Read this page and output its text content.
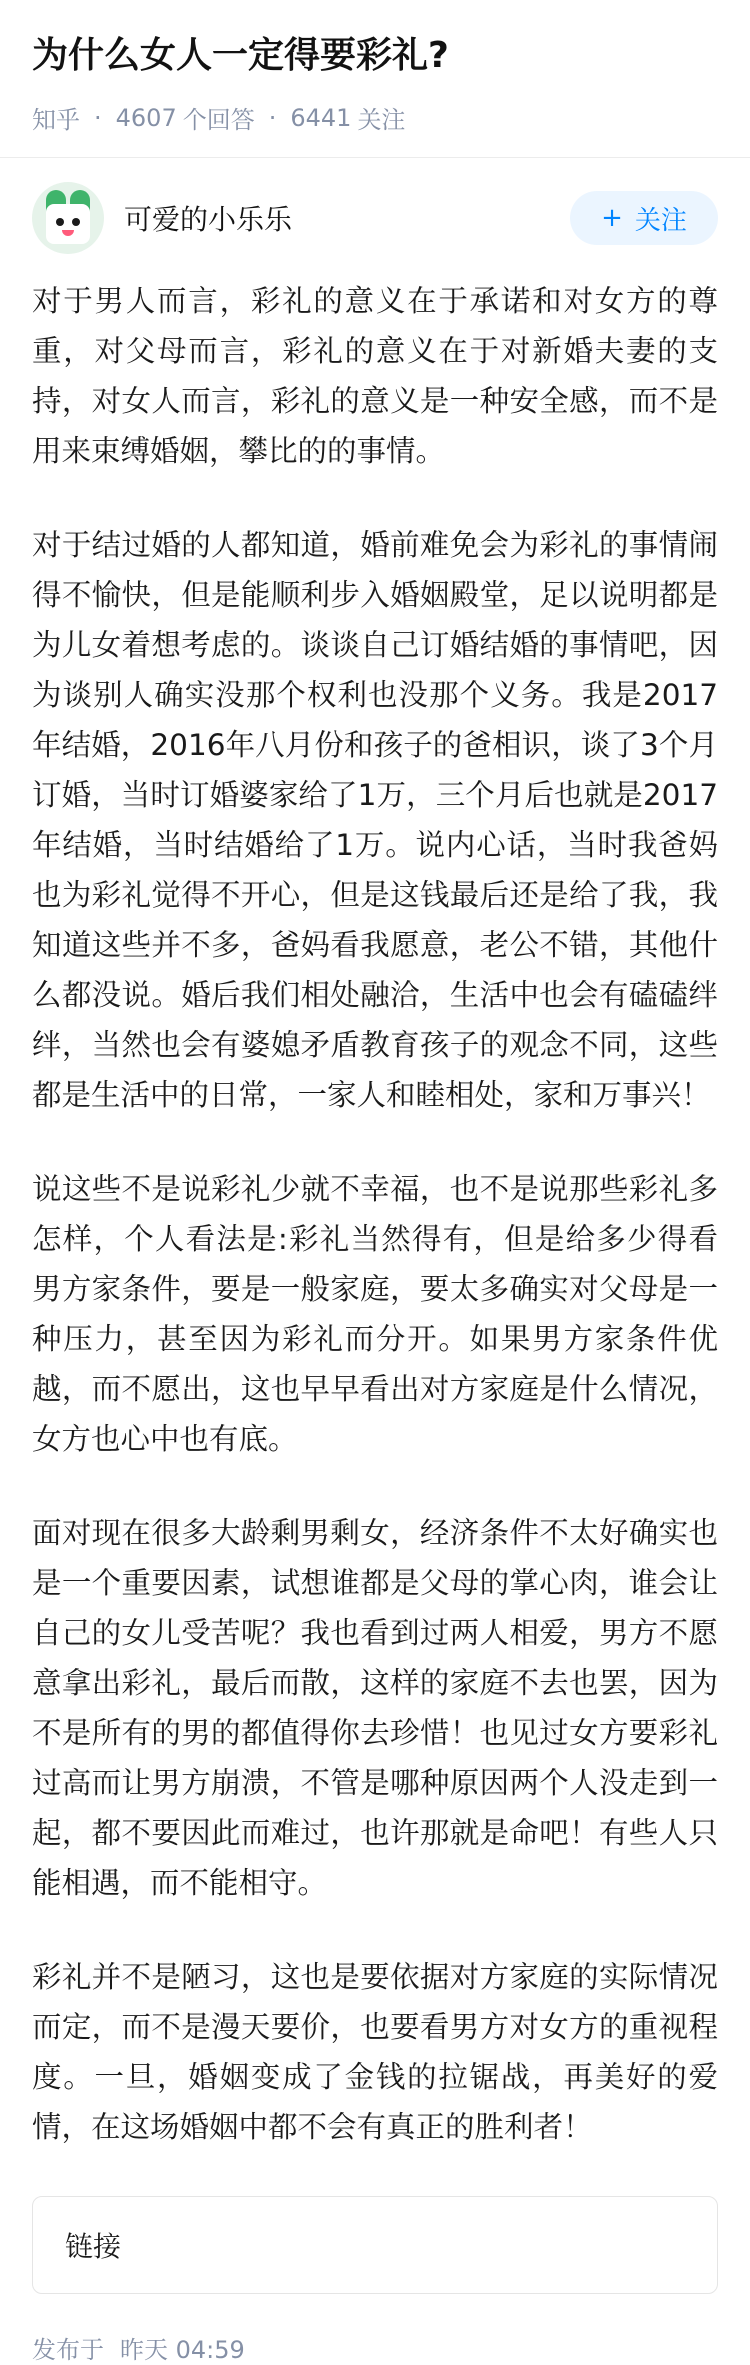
为什么女人一定得要彩礼?
知乎 · 4607 个回答 · 6441 关注
可爱的小乐乐	+ 关注

对于男人而言，彩礼的意义在于承诺和对女方的尊重，对父母而言，彩礼的意义在于对新婚夫妻的支持，对女人而言，彩礼的意义是一种安全感，而不是用来束缚婚姻，攀比的的事情。

对于结过婚的人都知道，婚前难免会为彩礼的事情闹得不愉快，但是能顺利步入婚姻殿堂，足以说明都是为儿女着想考虑的。谈谈自己订婚结婚的事情吧，因为谈别人确实没那个权利也没那个义务。我是2017年结婚，2016年八月份和孩子的爸相识，谈了3个月订婚，当时订婚婆家给了1万，三个月后也就是2017年结婚，当时结婚给了1万。说内心话，当时我爸妈也为彩礼觉得不开心，但是这钱最后还是给了我，我知道这些并不多，爸妈看我愿意，老公不错，其他什么都没说。婚后我们相处融洽，生活中也会有磕磕绊绊，当然也会有婆媳矛盾教育孩子的观念不同，这些都是生活中的日常，一家人和睦相处，家和万事兴！

说这些不是说彩礼少就不幸福，也不是说那些彩礼多怎样，个人看法是:彩礼当然得有，但是给多少得看男方家条件，要是一般家庭，要太多确实对父母是一种压力，甚至因为彩礼而分开。如果男方家条件优越，而不愿出，这也早早看出对方家庭是什么情况，女方也心中也有底。

面对现在很多大龄剩男剩女，经济条件不太好确实也是一个重要因素，试想谁都是父母的掌心肉，谁会让自己的女儿受苦呢？我也看到过两人相爱，男方不愿意拿出彩礼，最后而散，这样的家庭不去也罢，因为不是所有的男的都值得你去珍惜！也见过女方要彩礼过高而让男方崩溃，不管是哪种原因两个人没走到一起，都不要因此而难过，也许那就是命吧！有些人只能相遇，而不能相守。

彩礼并不是陋习，这也是要依据对方家庭的实际情况而定，而不是漫天要价，也要看男方对女方的重视程度。一旦，婚姻变成了金钱的拉锯战，再美好的爱情，在这场婚姻中都不会有真正的胜利者！

链接
发布于 昨天 04:59
